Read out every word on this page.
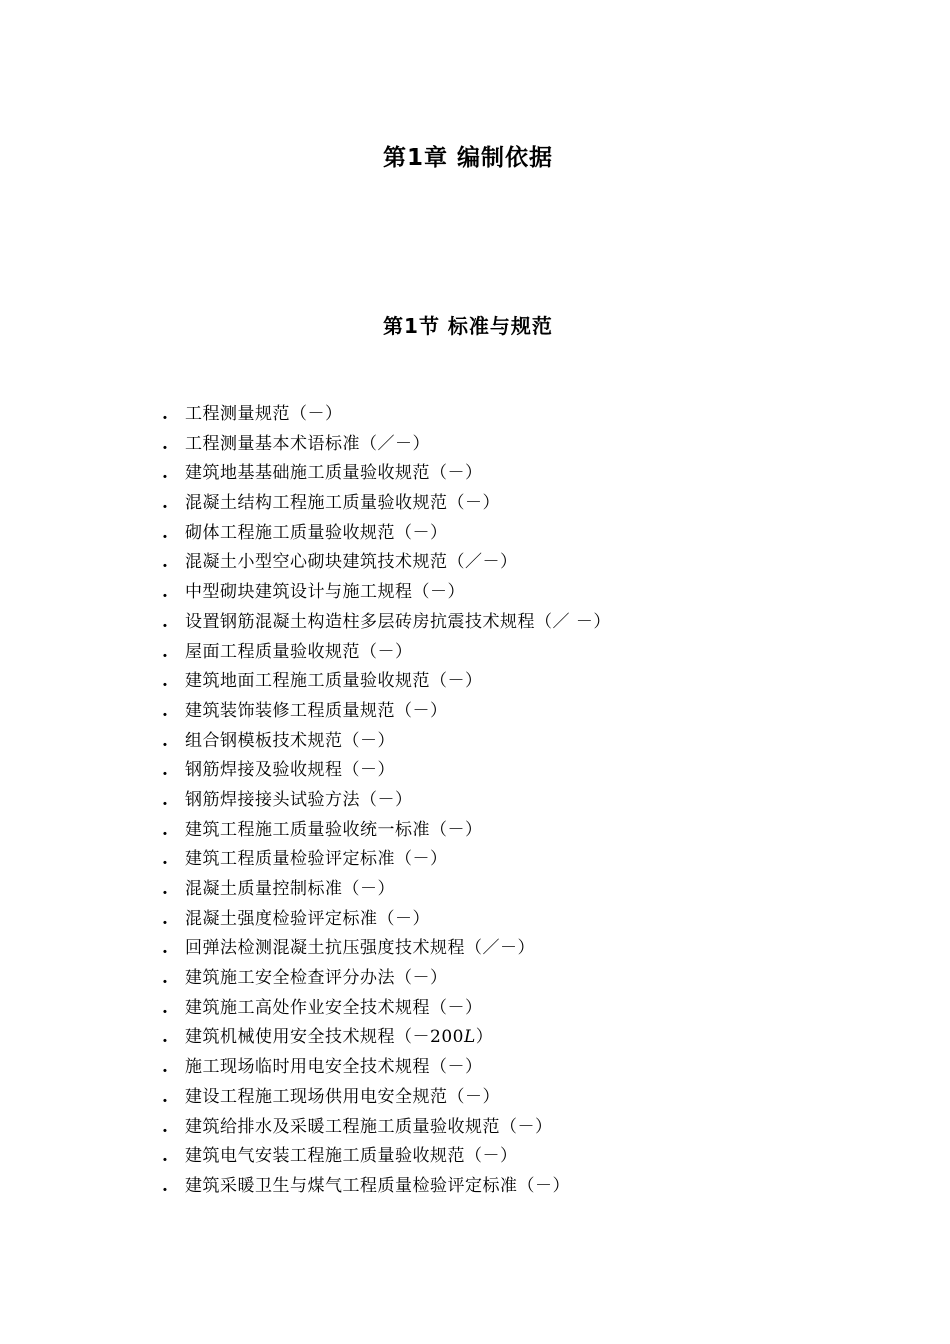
第1章 编制依据
第1节 标准与规范
.	工程测量规范（－）
.	工程测量基本术语标准（／－）
.	建筑地基基础施工质量验收规范（－）
.	混凝土结构工程施工质量验收规范（－）
.	砌体工程施工质量验收规范（－）
.	混凝土小型空心砌块建筑技术规范（／－）
.	中型砌块建筑设计与施工规程（－）
.	设置钢筋混凝土构造柱多层砖房抗震技术规程（／ －）
.	屋面工程质量验收规范（－）
.	建筑地面工程施工质量验收规范（－）
.	建筑装饰装修工程质量规范（－）
.	组合钢模板技术规范（－）
.	钢筋焊接及验收规程（－）
.	钢筋焊接接头试验方法（－）
.	建筑工程施工质量验收统一标准（－）
.	建筑工程质量检验评定标准（－）
.	混凝土质量控制标准（－）
.	混凝土强度检验评定标准（－）
.	回弹法检测混凝土抗压强度技术规程（／－）
.	建筑施工安全检查评分办法（－）
.	建筑施工高处作业安全技术规程（－）
.	建筑机械使用安全技术规程（－200𝐿）
.	施工现场临时用电安全技术规程（－）
.	建设工程施工现场供用电安全规范（－）
.	建筑给排水及采暖工程施工质量验收规范（－）
.	建筑电气安装工程施工质量验收规范（－）
.	建筑采暖卫生与煤气工程质量检验评定标准（－）
